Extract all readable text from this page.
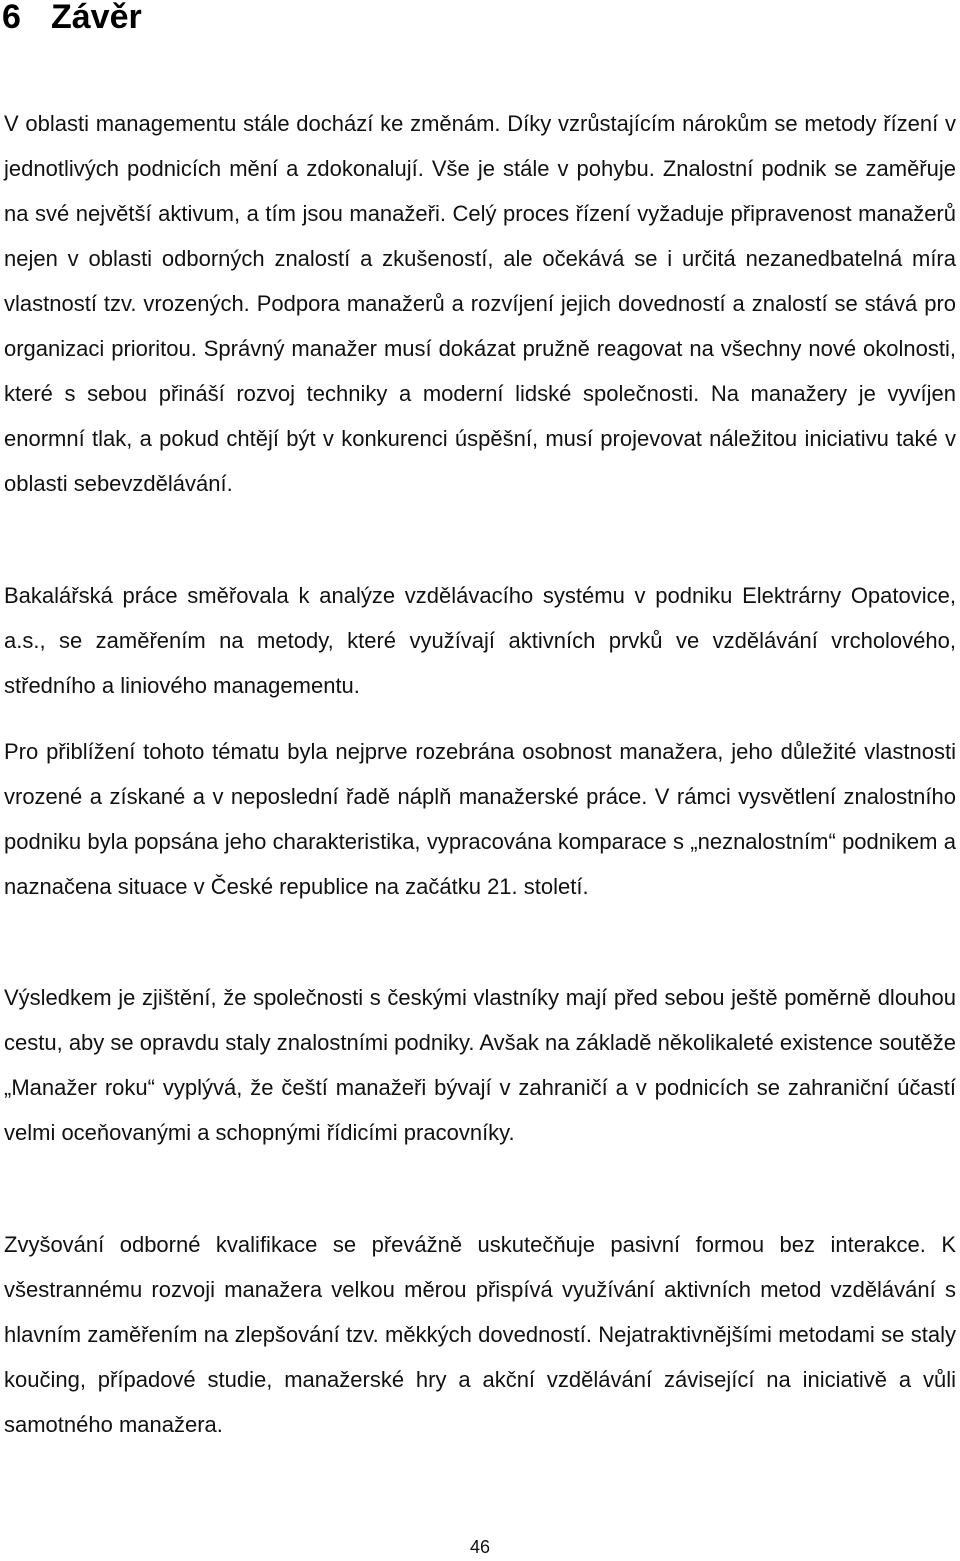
6 Závěr

V oblasti managementu stále dochází ke změnám. Díky vzrůstajícím nárokům se metody řízení v jednotlivých podnicích mění a zdokonalují. Vše je stále v pohybu. Znalostní podnik se zaměřuje na své největší aktivum, a tím jsou manažeři. Celý proces řízení vyžaduje připravenost manažerů nejen v oblasti odborných znalostí a zkušeností, ale očekává se i určitá nezanedbatelná míra vlastností tzv. vrozených. Podpora manažerů a rozvíjení jejich dovedností a znalostí se stává pro organizaci prioritou. Správný manažer musí dokázat pružně reagovat na všechny nové okolnosti, které s sebou přináší rozvoj techniky a moderní lidské společnosti. Na manažery je vyvíjen enormní tlak, a pokud chtějí být v konkurenci úspěšní, musí projevovat náležitou iniciativu také v oblasti sebevzdělávání.

Bakalářská práce směřovala k analýze vzdělávacího systému v podniku Elektrárny Opatovice, a.s., se zaměřením na metody, které využívají aktivních prvků ve vzdělávání vrcholového, středního a liniového managementu.

Pro přiblížení tohoto tématu byla nejprve rozebrána osobnost manažera, jeho důležité vlastnosti vrozené a získané a v neposlední řadě náplň manažerské práce. V rámci vysvětlení znalostního podniku byla popsána jeho charakteristika, vypracována komparace s „neznalostním“ podnikem a naznačena situace v České republice na začátku 21. století.

Výsledkem je zjištění, že společnosti s českými vlastníky mají před sebou ještě poměrně dlouhou cestu, aby se opravdu staly znalostními podniky. Avšak na základě několikaleté existence soutěže „Manažer roku“ vyplývá, že čeští manažeři bývají v zahraničí a v podnicích se zahraniční účastí velmi oceňovanými a schopnými řídicími pracovníky.

Zvyšování odborné kvalifikace se převážně uskutečňuje pasivní formou bez interakce. K všestrannému rozvoji manažera velkou měrou přispívá využívání aktivních metod vzdělávání s hlavním zaměřením na zlepšování tzv. měkkých dovedností. Nejatraktivnějšími metodami se staly koučing, případové studie, manažerské hry a akční vzdělávání závisející na iniciativě a vůli samotného manažera.

46
